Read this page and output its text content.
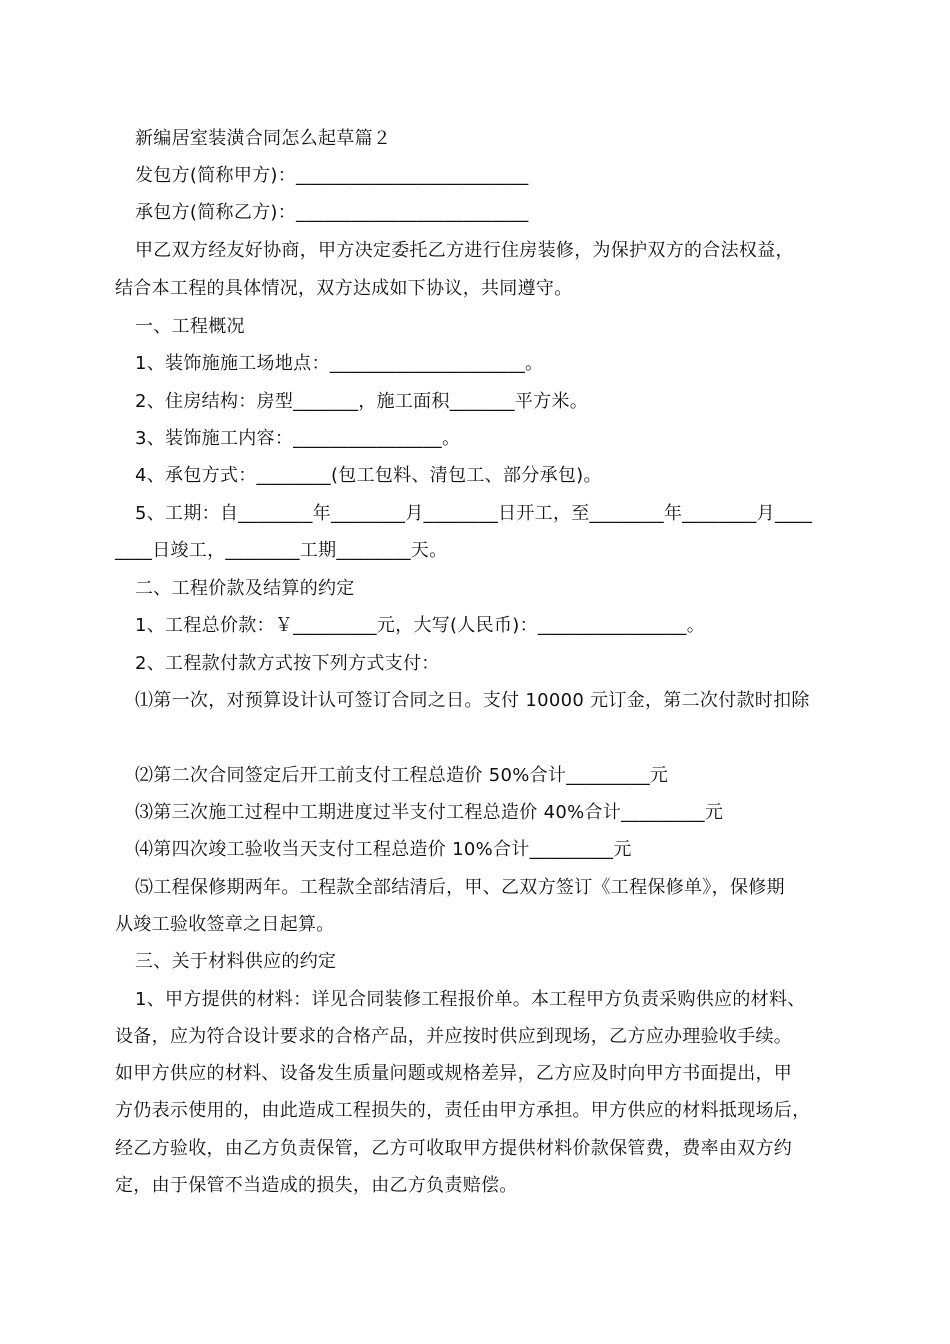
新编居室装潢合同怎么起草篇２
发包方(简称甲方)：_________________________
承包方(简称乙方)：_________________________
甲乙双方经友好协商，甲方决定委托乙方进行住房装修，为保护双方的合法权益，
结合本工程的具体情况，双方达成如下协议，共同遵守。
一、工程概况
1、装饰施施工场地点：_____________________。
2、住房结构：房型_______，施工面积_______平方米。
3、装饰施工内容：________________。
4、承包方式：________(包工包料、清包工、部分承包)。
5、工期：自________年________月________日开工，至________年________月____
____日竣工，________工期________天。
二、工程价款及结算的约定
1、工程总价款：￥_________元，大写(人民币)：________________。
2、工程款付款方式按下列方式支付：
⑴第一次，对预算设计认可签订合同之日。支付 10000 元订金，第二次付款时扣除
⑵第二次合同签定后开工前支付工程总造价 50%合计_________元
⑶第三次施工过程中工期进度过半支付工程总造价 40%合计_________元
⑷第四次竣工验收当天支付工程总造价 10%合计_________元
⑸工程保修期两年。工程款全部结清后，甲、乙双方签订《工程保修单》，保修期
从竣工验收签章之日起算。
三、关于材料供应的约定
1、甲方提供的材料：详见合同装修工程报价单。本工程甲方负责采购供应的材料、
设备，应为符合设计要求的合格产品，并应按时供应到现场，乙方应办理验收手续。
如甲方供应的材料、设备发生质量问题或规格差异，乙方应及时向甲方书面提出，甲
方仍表示使用的，由此造成工程损失的，责任由甲方承担。甲方供应的材料抵现场后，
经乙方验收，由乙方负责保管，乙方可收取甲方提供材料价款保管费，费率由双方约
定，由于保管不当造成的损失，由乙方负责赔偿。
